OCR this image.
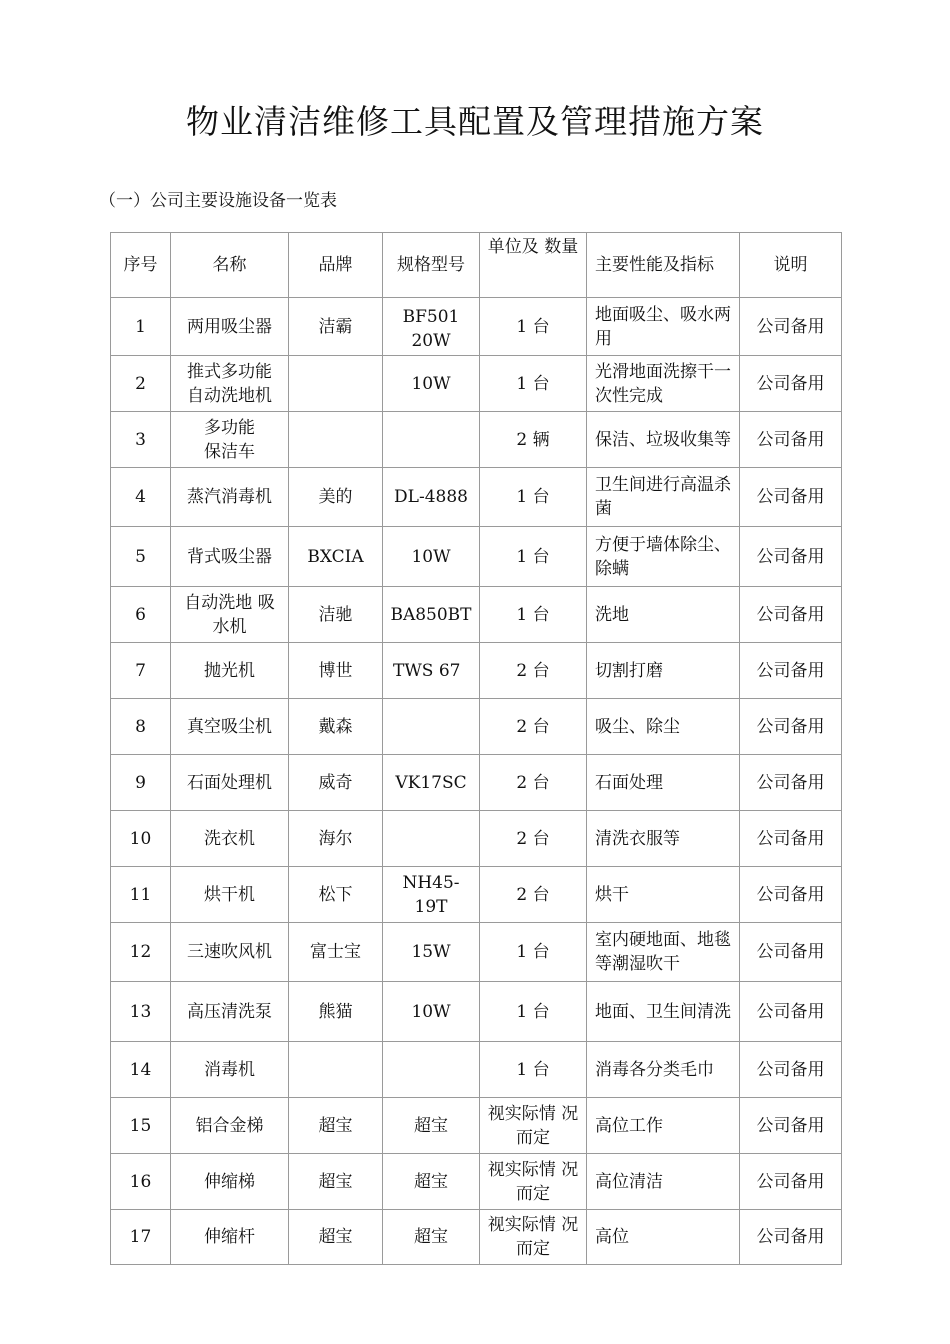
物业清洁维修工具配置及管理措施方案

（一）公司主要设施设备一览表

序号	名称	品牌	规格型号	单位及 数量	主要性能及指标	说明
1	两用吸尘器	洁霸	BF501 20W	1 台	地面吸尘、吸水两用	公司备用
2	推式多功能
自动洗地机		10W	1 台	光滑地面洗擦干一次性完成	公司备用
3	多功能
保洁车			2 辆	保洁、垃圾收集等	公司备用
4	蒸汽消毒机	美的	DL-4888	1 台	卫生间进行高温杀菌	公司备用
5	背式吸尘器	BXCIA	10W	1 台	方便于墙体除尘、除螨	公司备用
6	自动洗地 吸
水机	洁驰	BA850BT	1 台	洗地	公司备用
7	抛光机	博世	TWS 67	2 台	切割打磨	公司备用
8	真空吸尘机	戴森		2 台	吸尘、除尘	公司备用
9	石面处理机	威奇	VK17SC	2 台	石面处理	公司备用
10	洗衣机	海尔		2 台	清洗衣服等	公司备用
11	烘干机	松下	NH45-19T	2 台	烘干	公司备用
12	三速吹风机	富士宝	15W	1 台	室内硬地面、地毯等潮湿吹干	公司备用
13	高压清洗泵	熊猫	10W	1 台	地面、卫生间清洗	公司备用
14	消毒机			1 台	消毒各分类毛巾	公司备用
15	铝合金梯	超宝	超宝	视实际情 况
而定	高位工作	公司备用
16	伸缩梯	超宝	超宝	视实际情 况
而定	高位清洁	公司备用
17	伸缩杆	超宝	超宝	视实际情 况
而定	高位	公司备用
